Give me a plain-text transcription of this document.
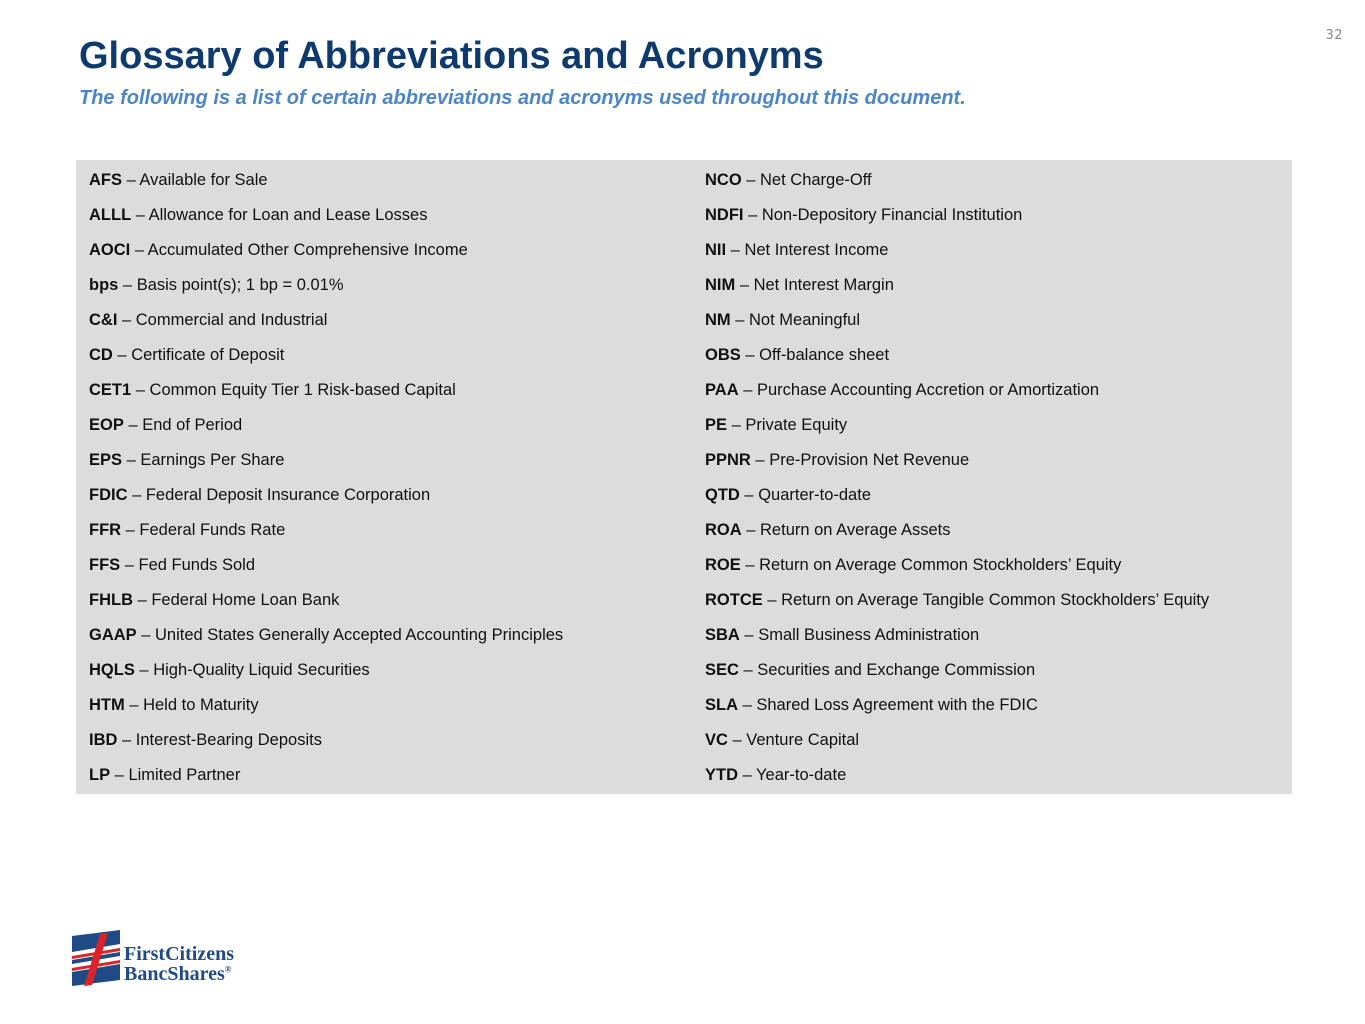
32
Glossary of Abbreviations and Acronyms

The following is a list of certain abbreviations and acronyms used throughout this document.

AFS – Available for Sale
ALLL – Allowance for Loan and Lease Losses
AOCI – Accumulated Other Comprehensive Income
bps – Basis point(s); 1 bp = 0.01%
C&I – Commercial and Industrial
CD – Certificate of Deposit
CET1 – Common Equity Tier 1 Risk-based Capital
EOP – End of Period
EPS – Earnings Per Share
FDIC – Federal Deposit Insurance Corporation
FFR – Federal Funds Rate
FFS – Fed Funds Sold
FHLB – Federal Home Loan Bank
GAAP – United States Generally Accepted Accounting Principles
HQLS – High-Quality Liquid Securities
HTM – Held to Maturity
IBD – Interest-Bearing Deposits
LP – Limited Partner
NCO – Net Charge-Off
NDFI – Non-Depository Financial Institution
NII – Net Interest Income
NIM – Net Interest Margin
NM – Not Meaningful
OBS – Off-balance sheet
PAA – Purchase Accounting Accretion or Amortization
PE – Private Equity
PPNR – Pre-Provision Net Revenue
QTD – Quarter-to-date
ROA – Return on Average Assets
ROE – Return on Average Common Stockholders’ Equity
ROTCE – Return on Average Tangible Common Stockholders’ Equity
SBA – Small Business Administration
SEC – Securities and Exchange Commission
SLA – Shared Loss Agreement with the FDIC
VC – Venture Capital
YTD – Year-to-date
FirstCitizens
BancShares®
